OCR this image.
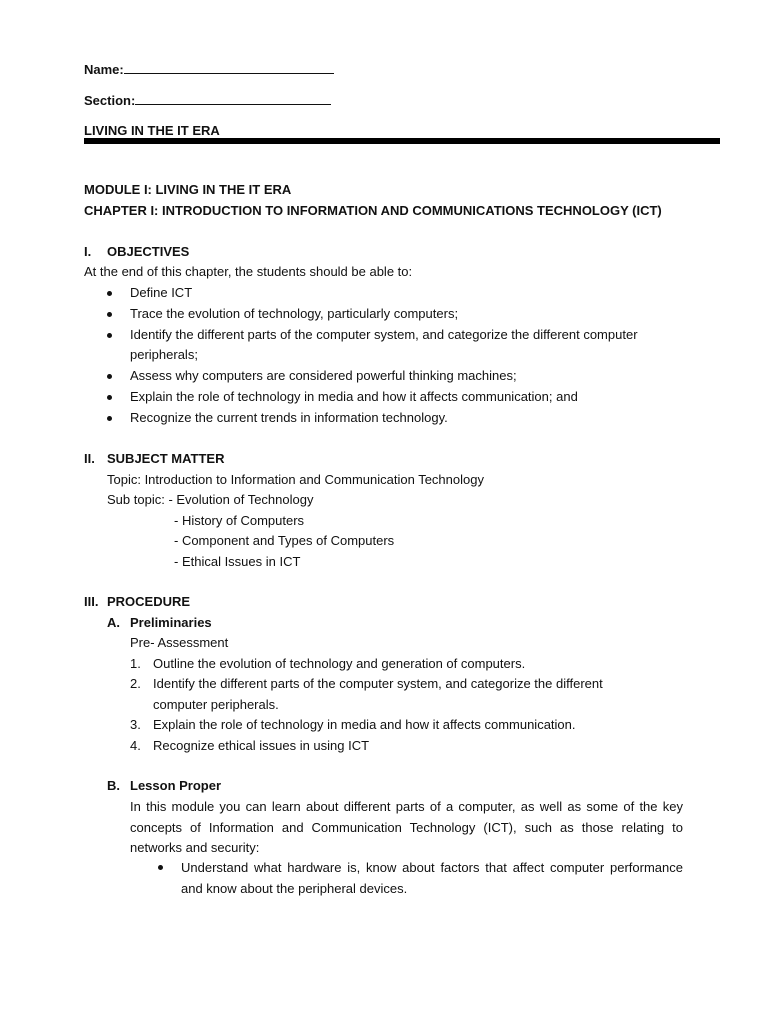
Name:
Section:
LIVING IN THE IT ERA
MODULE I: LIVING IN THE IT ERA
CHAPTER I: INTRODUCTION TO INFORMATION AND COMMUNICATIONS TECHNOLOGY (ICT)
I. OBJECTIVES
At the end of this chapter, the students should be able to:
Define ICT
Trace the evolution of technology, particularly computers;
Identify the different parts of the computer system, and categorize the different computer
peripherals;
Assess why computers are considered powerful thinking machines;
Explain the role of technology in media and how it affects communication; and
Recognize the current trends in information technology.
II. SUBJECT MATTER
Topic: Introduction to Information and Communication Technology
Sub topic: - Evolution of Technology
- History of Computers
- Component and Types of Computers
- Ethical Issues in ICT
III. PROCEDURE
A. Preliminaries
Pre- Assessment
1. Outline the evolution of technology and generation of computers.
2. Identify the different parts of the computer system, and categorize the different
computer peripherals.
3. Explain the role of technology in media and how it affects communication.
4. Recognize ethical issues in using ICT
B. Lesson Proper
In this module you can learn about different parts of a computer, as well as some of the key concepts of Information and Communication Technology (ICT), such as those relating to networks and security:
Understand what hardware is, know about factors that affect computer performance and know about the peripheral devices.
